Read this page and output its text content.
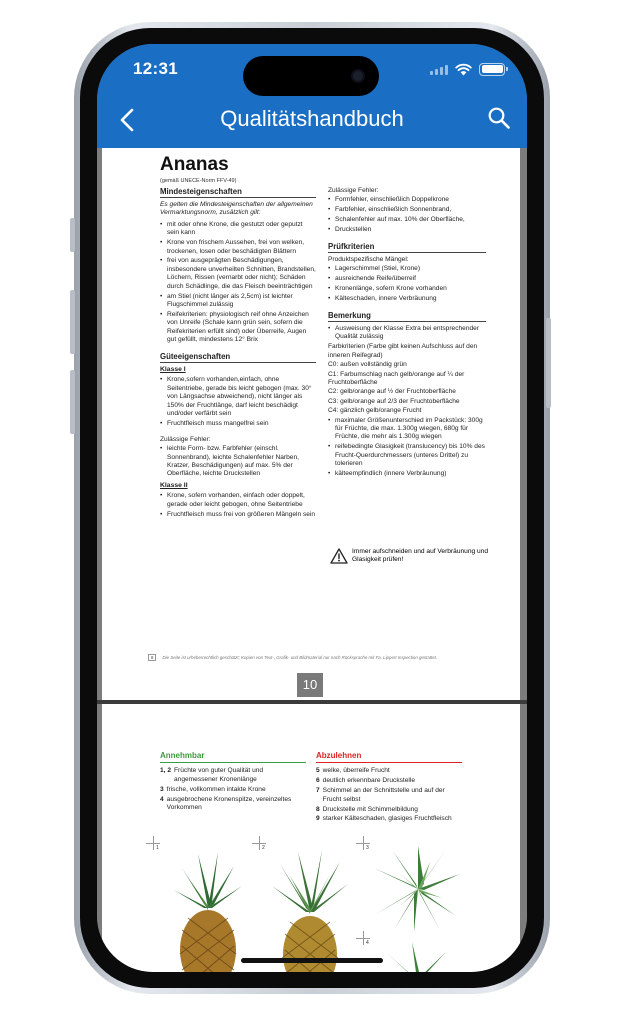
12:31
Qualitätshandbuch
Ananas
(gemäß UNECE-Norm FFV-49)
Mindesteigenschaften
Es gelten die Mindesteigenschaften der allgemeinen Vermarktungsnorm, zusätzlich gilt:
• mit oder ohne Krone, die gestutzt oder geputzt sein kann
• Krone von frischem Aussehen, frei von welken, trockenen, losen oder beschädigten Blättern
• frei von ausgeprägten Beschädigungen, insbesondere unverheilten Schnitten, Brandstellen, Löchern, Rissen (vernarbt oder nicht); Schäden durch Schädlinge, die das Fleisch beeinträchtigen
• am Stiel (nicht länger als 2,5cm) ist leichter Flugschimmel zulässig
• Reifekriterien: physiologisch reif ohne Anzeichen von Unreife (Schale kann grün sein, sofern die Reifekriterien erfüllt sind) oder Überreife, Augen gut gefüllt, mindestens 12° Brix
Güteeigenschaften
Klasse I
• Krone,sofern vorhanden,einfach, ohne Seitentriebe, gerade bis leicht gebogen (max. 30° von Längsachse abweichend), nicht länger als 150% der Fruchtlänge, darf leicht beschädigt und/oder verfärbt sein
• Fruchtfleisch muss mangelfrei sein
Zulässige Fehler:
• leichte Form- bzw. Farbfehler (einschl. Sonnenbrand), leichte Schalenfehler Narben, Kratzer, Beschädigungen) auf max. 5% der Oberfläche, leichte Druckstellen
Klasse II
• Krone, sofern vorhanden, einfach oder doppelt, gerade oder leicht gebogen, ohne Seitentriebe
• Fruchtfleisch muss frei von größeren Mängeln sein
Zulässige Fehler:
• Formfehler, einschließlich Doppelkrone
• Farbfehler, einschließlich Sonnenbrand,
• Schalenfehler auf max. 10% der Oberfläche,
• Druckstellen
Prüfkriterien
Produktspezifische Mängel:
• Lagerschimmel (Stiel, Krone)
• ausreichende Reife/überreif
• Kronenlänge, sofern Krone vorhanden
• Kälteschaden, innere Verbräunung
Bemerkung
• Ausweisung der Klasse Extra bei entsprechender Qualität zulässig
Farbkriterien (Farbe gibt keinen Aufschluss auf den inneren Reifegrad)
C0: außen vollständig grün
C1: Farbumschlag nach gelb/orange auf ¼ der Fruchtoberfläche
C2: gelb/orange auf ½ der Fruchtoberfläche
C3: gelb/orange auf 2/3 der Fruchtoberfläche
C4: gänzlich gelb/orange Frucht
• maximaler Größenunterschied im Packstück: 300g für Früchte, die max. 1.300g wiegen, 680g für Früchte, die mehr als 1.300g wiegen
• reifebedingte Glasigkeit (translucency) bis 10% des Frucht-Querdurchmessers (unteres Drittel) zu tolerieren
• kälteempfindlich (innere Verbräunung)
Immer aufschneiden und auf Verbräunung und Glasigkeit prüfen!
8	Die Seite ist urheberrechtlich geschützt; Kopien von Text-, Grafik- und Bildmaterial nur nach Rücksprache mit Fa. Lippert Inspection gestattet.
10
Annehmbar
1, 2 Früchte von guter Qualität und angemessener Kronenlänge
3 frische, vollkommen intakte Krone
4 ausgebrochene Kronenspitze, vereinzeltes Vorkommen
Abzulehnen
5 welke, überreife Frucht
6 deutlich erkennbare Druckstelle
7 Schimmel an der Schnittstelle und auf der Frucht selbst
8 Druckstelle mit Schimmelbildung
9 starker Kälteschaden, glasiges Fruchtfleisch
1	2	3
4
